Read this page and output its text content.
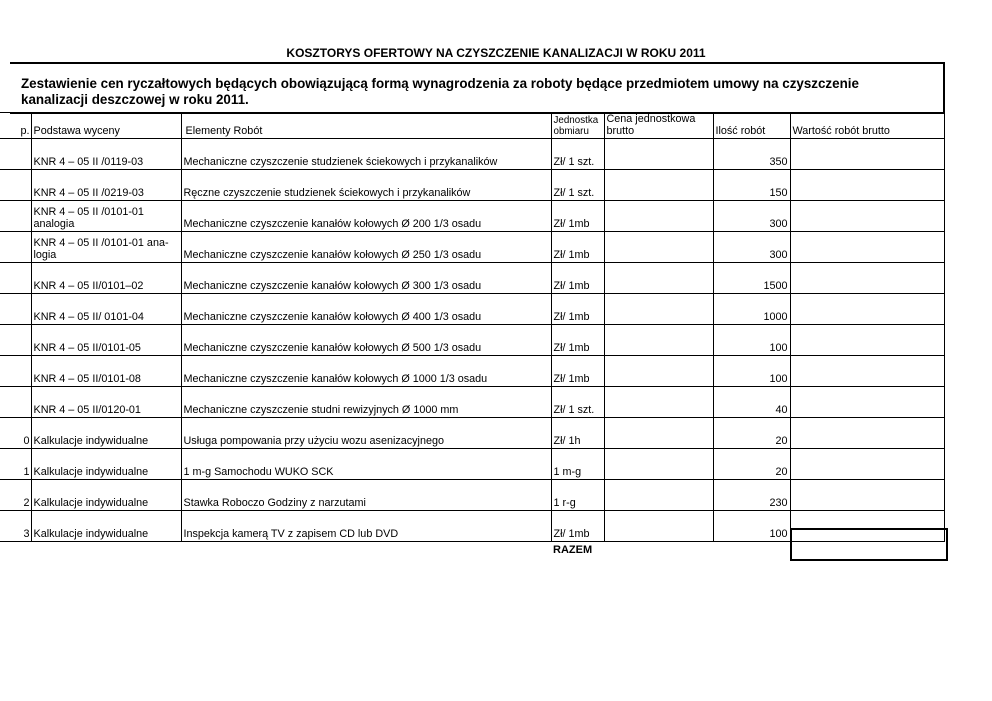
KOSZTORYS OFERTOWY NA CZYSZCZENIE KANALIZACJI W ROKU 2011
Zestawienie cen ryczałtowych będących obowiązującą formą wynagrodzenia za roboty będące przedmiotem umowy na czyszczenie
kanalizacji deszczowej w roku 2011.
p.	Podstawa wyceny	Elementy Robót	Jednostka obmiaru	Cena jednostkowa brutto	Ilość robót	Wartość robót brutto
	KNR 4 – 05 II /0119-03	Mechaniczne czyszczenie studzienek ściekowych i przykanalików	Zł/ 1 szt.		350	
	KNR 4 – 05 II /0219-03	Ręczne czyszczenie studzienek ściekowych i przykanalików	Zł/ 1 szt.		150	
	KNR 4 – 05 II /0101-01 analogia	Mechaniczne czyszczenie kanałów kołowych Ø 200 1/3 osadu	Zł/ 1mb		300	
	KNR 4 – 05 II /0101-01 ana-logia	Mechaniczne czyszczenie kanałów kołowych Ø 250 1/3 osadu	Zł/ 1mb		300	
	KNR 4 – 05 II/0101–02	Mechaniczne czyszczenie kanałów kołowych Ø 300 1/3 osadu	Zł/ 1mb		1500	
	KNR 4 – 05 II/ 0101-04	Mechaniczne czyszczenie kanałów kołowych Ø 400 1/3 osadu	Zł/ 1mb		1000	
	KNR 4 – 05 II/0101-05	Mechaniczne czyszczenie kanałów kołowych Ø 500 1/3 osadu	Zł/ 1mb		100	
	KNR 4 – 05 II/0101-08	Mechaniczne czyszczenie kanałów kołowych Ø 1000 1/3 osadu	Zł/ 1mb		100	
	KNR 4 – 05 II/0120-01	Mechaniczne czyszczenie studni rewizyjnych Ø 1000 mm	Zł/ 1 szt.		40	
0	Kalkulacje indywidualne	Usługa pompowania przy użyciu wozu asenizacyjnego	Zł/ 1h		20	
1	Kalkulacje indywidualne	1 m-g Samochodu WUKO SCK	1 m-g		20	
2	Kalkulacje indywidualne	Stawka Roboczo Godziny z narzutami	1 r-g		230	
3	Kalkulacje indywidualne	Inspekcja kamerą TV z zapisem CD lub DVD	Zł/ 1mb		100	
RAZEM
